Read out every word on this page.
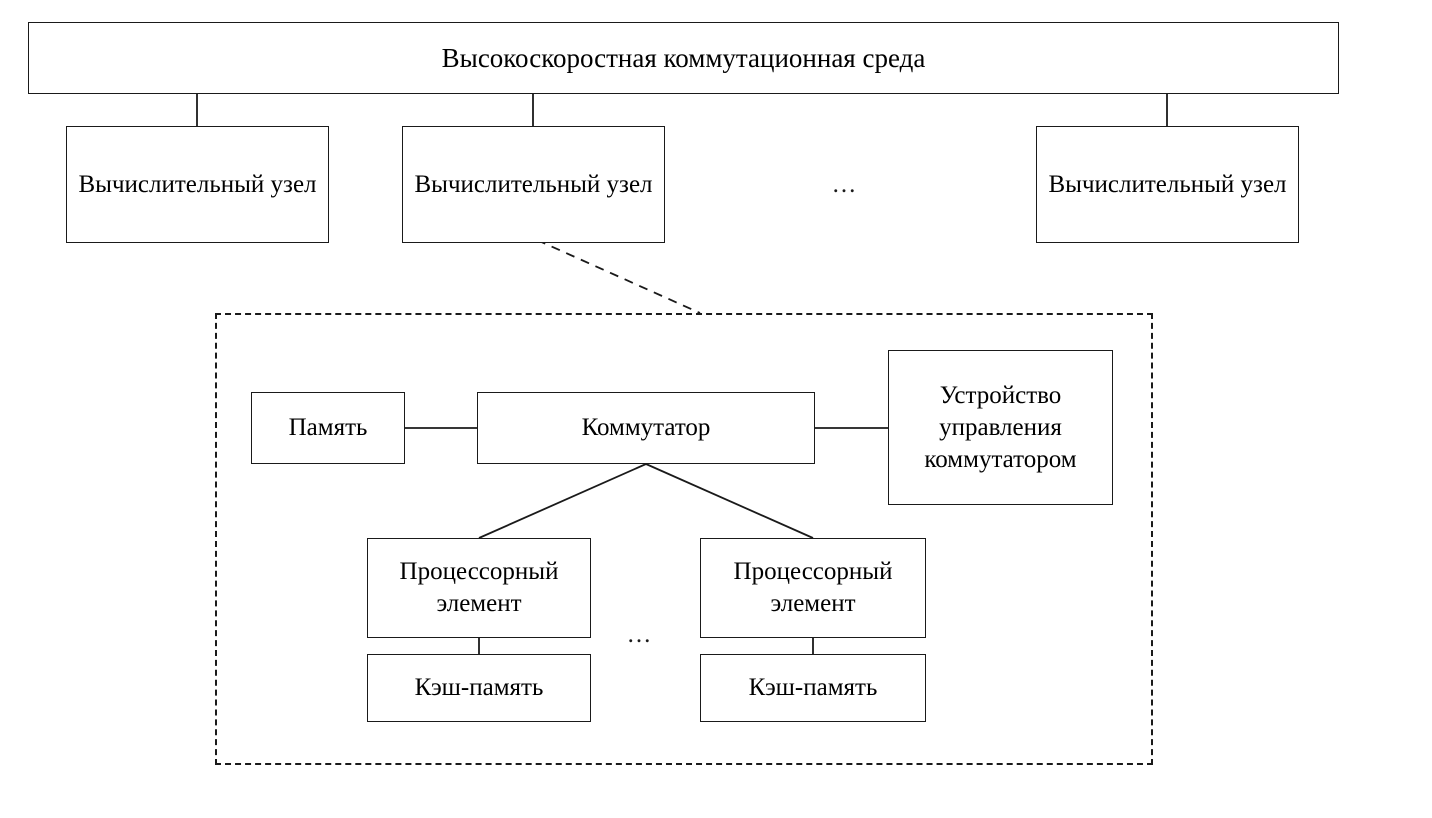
Высокоскоростная коммутационная среда
Вычислительный узел	Вычислительный узел	...	Вычислительный узел
Память	Коммутатор
Устройство управления коммутатором
Процессорный элемент
...
Процессорный элемент
Кэш-память	Кэш-память
